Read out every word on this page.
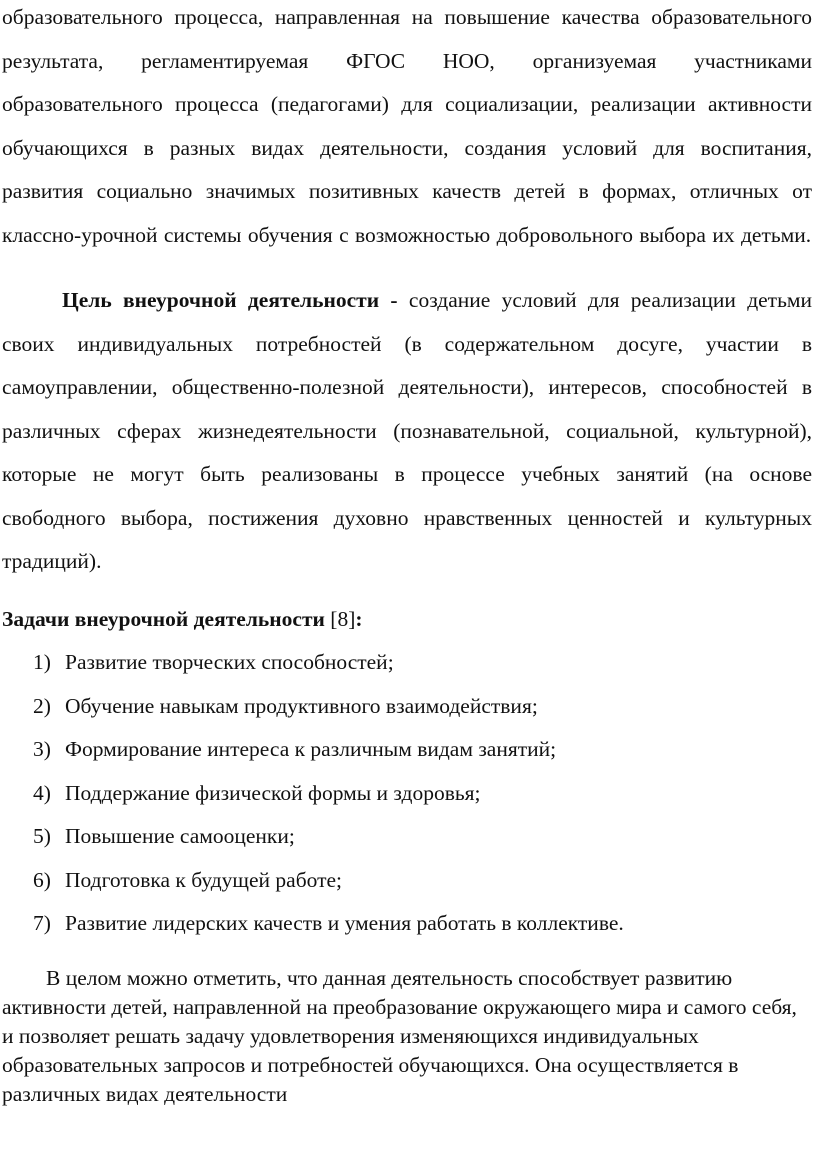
образовательного процесса, направленная на повышение качества образовательного результата, регламентируемая ФГОС НОО, организуемая участниками образовательного процесса (педагогами) для социализации, реализации активности обучающихся в разных видах деятельности, создания условий для воспитания, развития социально значимых позитивных качеств детей в формах, отличных от классно-урочной системы обучения с возможностью добровольного выбора их детьми.

Цель внеурочной деятельности - создание условий для реализации детьми своих индивидуальных потребностей (в содержательном досуге, участии в самоуправлении, общественно-полезной деятельности), интересов, способностей в различных сферах жизнедеятельности (познавательной, социальной, культурной), которые не могут быть реализованы в процессе учебных занятий (на основе свободного выбора, постижения духовно нравственных ценностей и культурных традиций).

Задачи внеурочной деятельности [8]:

1) Развитие творческих способностей;
2) Обучение навыкам продуктивного взаимодействия;
3) Формирование интереса к различным видам занятий;
4) Поддержание физической формы и здоровья;
5) Повышение самооценки;
6) Подготовка к будущей работе;
7) Развитие лидерских качеств и умения работать в коллективе.

В целом можно отметить, что данная деятельность способствует развитию активности детей, направленной на преобразование окружающего мира и самого себя, и позволяет решать задачу удовлетворения изменяющихся индивидуальных образовательных запросов и потребностей обучающихся. Она осуществляется в различных видах деятельности
